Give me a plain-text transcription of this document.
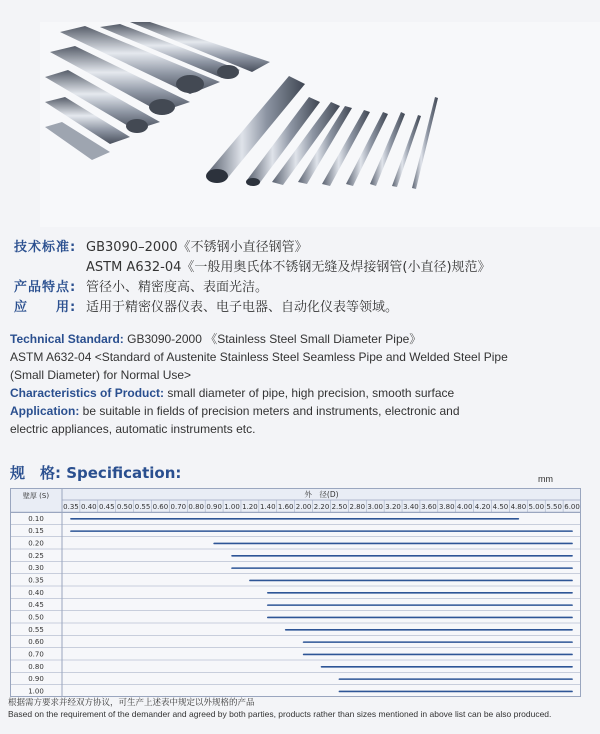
技术标准: GB3090–2000《不锈钢小直径钢管》
ASTM A632-04《一般用奥氏体不锈钢无缝及焊接钢管(小直径)规范》
产品特点: 管径小、精密度高、表面光洁。
应　　用: 适用于精密仪器仪表、电子电器、自动化仪表等领域。
Technical Standard: GB3090-2000 《Stainless Steel Small Diameter Pipe》
ASTM A632-04 <Standard of Austenite Stainless Steel Seamless Pipe and Welded Steel Pipe
(Small Diameter) for Normal Use>
Characteristics of Product: small diameter of pipe, high precision, smooth surface
Application: be suitable in fields of precision meters and instruments, electronic and
electric appliances, automatic instruments etc.
规　格: Specification:	mm
壁厚 (S)	外　径(D)
0.35 0.40 0.45 0.50 0.55 0.60 0.70 0.80 0.90 1.00 1.20 1.40 1.60 2.00 2.20 2.50 2.80 3.00 3.20 3.40 3.60 3.80 4.00 4.20 4.50 4.80 5.00 5.50 6.00
0.10
0.15
0.20
0.25
0.30
0.35
0.40
0.45
0.50
0.55
0.60
0.70
0.80
0.90
1.00
根据需方要求并经双方协议，可生产上述表中规定以外规格的产品
Based on the requirement of the demander and agreed by both parties, products rather than sizes mentioned in above list can be also produced.
